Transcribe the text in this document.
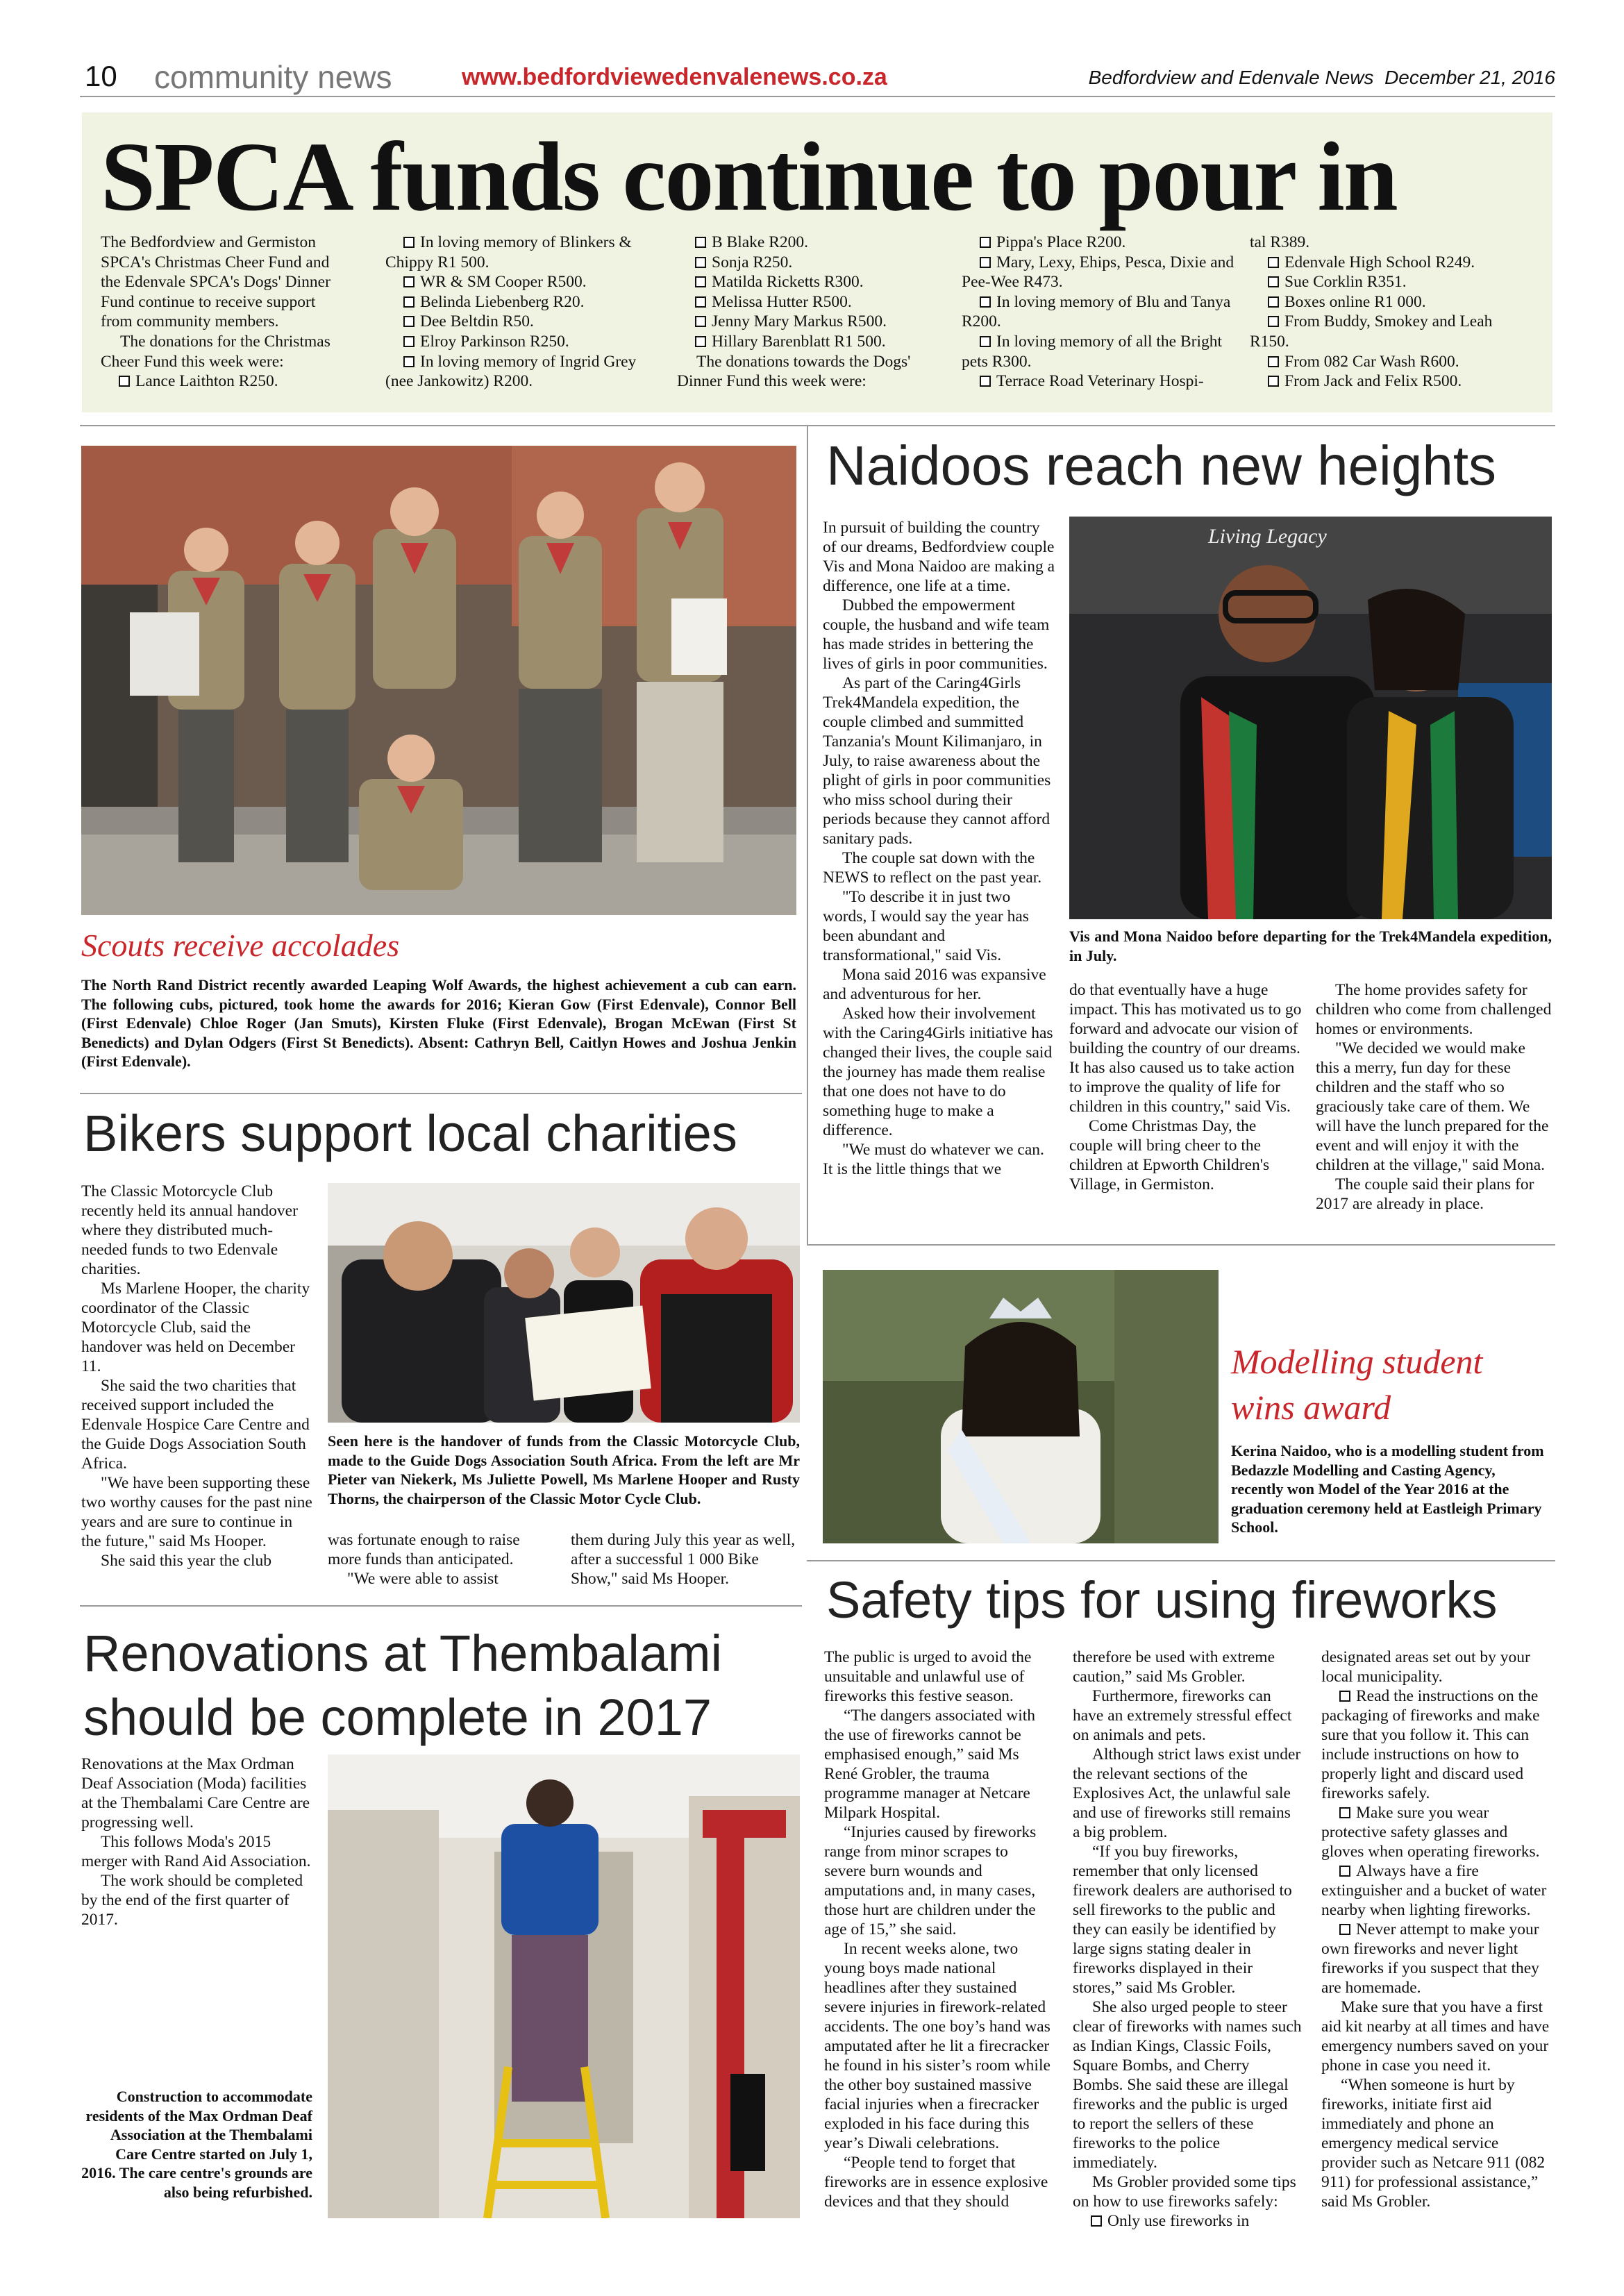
10 community news	www.bedfordviewedenvalenews.co.za	Bedfordview and Edenvale News December 21, 2016
SPCA funds continue to pour in

The Bedfordview and Germiston SPCA's Christmas Cheer Fund and the Edenvale SPCA's Dogs' Dinner Fund continue to receive support from community members.

The donations for the Christmas Cheer Fund this week were:

Lance Laithton R250.

In loving memory of Blinkers & Chippy R1 500.

WR & SM Cooper R500.

Belinda Liebenberg R20.

Dee Beltdin R50.

Elroy Parkinson R250.

In loving memory of Ingrid Grey (nee Jankowitz) R200.

B Blake R200.

Sonja R250.

Matilda Ricketts R300.

Melissa Hutter R500.

Jenny Mary Markus R500.

Hillary Barenblatt R1 500.

The donations towards the Dogs' Dinner Fund this week were:

Pippa's Place R200.

Mary, Lexy, Ehips, Pesca, Dixie and Pee-Wee R473.

In loving memory of Blu and Tanya R200.

In loving memory of all the Bright pets R300.

Terrace Road Veterinary Hospi-

tal R389.

Edenvale High School R249.

Sue Corklin R351.

Boxes online R1 000.

From Buddy, Smokey and Leah R150.

From 082 Car Wash R600.

From Jack and Felix R500.

Scouts receive accolades
The North Rand District recently awarded Leaping Wolf Awards, the highest achievement a cub can earn. The following cubs, pictured, took home the awards for 2016; Kieran Gow (First Edenvale), Connor Bell (First Edenvale) Chloe Roger (Jan Smuts), Kirsten Fluke (First Edenvale), Brogan McEwan (First St Benedicts) and Dylan Odgers (First St Benedicts). Absent: Cathryn Bell, Caitlyn Howes and Joshua Jenkin (First Edenvale).
Bikers support local charities

The Classic Motorcycle Club recently held its annual handover where they distributed much-needed funds to two Edenvale charities.

Ms Marlene Hooper, the charity coordinator of the Classic Motorcycle Club, said the handover was held on December 11.

She said the two charities that received support included the Edenvale Hospice Care Centre and the Guide Dogs Association South Africa.

"We have been supporting these two worthy causes for the past nine years and are sure to continue in the future," said Ms Hooper.

She said this year the club

Seen here is the handover of funds from the Classic Motorcycle Club, made to the Guide Dogs Association South Africa. From the left are Mr Pieter van Niekerk, Ms Juliette Powell, Ms Marlene Hooper and Rusty Thorns, the chairperson of the Classic Motor Cycle Club.

was fortunate enough to raise more funds than anticipated.

"We were able to assist

them during July this year as well, after a successful 1 000 Bike Show," said Ms Hooper.

Renovations at Thembalami should be complete in 2017

Renovations at the Max Ordman Deaf Association (Moda) facilities at the Thembalami Care Centre are progressing well.

This follows Moda's 2015 merger with Rand Aid Association.

The work should be completed by the end of the first quarter of 2017.

Construction to accommodate residents of the Max Ordman Deaf Association at the Thembalami Care Centre started on July 1, 2016. The care centre's grounds are also being refurbished.
Naidoos reach new heights

In pursuit of building the country of our dreams, Bedfordview couple Vis and Mona Naidoo are making a difference, one life at a time.

Dubbed the empowerment couple, the husband and wife team has made strides in bettering the lives of girls in poor communities.

As part of the Caring4Girls Trek4Mandela expedition, the couple climbed and summitted Tanzania's Mount Kilimanjaro, in July, to raise awareness about the plight of girls in poor communities who miss school during their periods because they cannot afford sanitary pads.

The couple sat down with the NEWS to reflect on the past year.

"To describe it in just two words, I would say the year has been abundant and transformational," said Vis.

Mona said 2016 was expansive and adventurous for her.

Asked how their involvement with the Caring4Girls initiative has changed their lives, the couple said the journey has made them realise that one does not have to do something huge to make a difference.

"We must do whatever we can. It is the little things that we

Living Legacy
Vis and Mona Naidoo before departing for the Trek4Mandela expedition, in July.

do that eventually have a huge impact. This has motivated us to go forward and advocate our vision of building the country of our dreams. It has also caused us to take action to improve the quality of life for children in this country," said Vis.

Come Christmas Day, the couple will bring cheer to the children at Epworth Children's Village, in Germiston.

The home provides safety for children who come from challenged homes or environments.

"We decided we would make this a merry, fun day for these children and the staff who so graciously take care of them. We will have the lunch prepared for the event and will enjoy it with the children at the village," said Mona.

The couple said their plans for 2017 are already in place.

Modelling student wins award
Kerina Naidoo, who is a modelling student from Bedazzle Modelling and Casting Agency, recently won Model of the Year 2016 at the graduation ceremony held at Eastleigh Primary School.
Safety tips for using fireworks

The public is urged to avoid the unsuitable and unlawful use of fireworks this festive season.

“The dangers associated with the use of fireworks cannot be emphasised enough,” said Ms René Grobler, the trauma programme manager at Netcare Milpark Hospital.

“Injuries caused by fireworks range from minor scrapes to severe burn wounds and amputations and, in many cases, those hurt are children under the age of 15,” she said.

In recent weeks alone, two young boys made national headlines after they sustained severe injuries in firework-related accidents. The one boy’s hand was amputated after he lit a firecracker he found in his sister’s room while the other boy sustained massive facial injuries when a firecracker exploded in his face during this year’s Diwali celebrations.

“People tend to forget that fireworks are in essence explosive devices and that they should

therefore be used with extreme caution,” said Ms Grobler.

Furthermore, fireworks can have an extremely stressful effect on animals and pets.

Although strict laws exist under the relevant sections of the Explosives Act, the unlawful sale and use of fireworks still remains a big problem.

“If you buy fireworks, remember that only licensed firework dealers are authorised to sell fireworks to the public and they can easily be identified by large signs stating dealer in fireworks displayed in their stores,” said Ms Grobler.

She also urged people to steer clear of fireworks with names such as Indian Kings, Classic Foils, Square Bombs, and Cherry Bombs. She said these are illegal fireworks and the public is urged to report the sellers of these fireworks to the police immediately.

Ms Grobler provided some tips on how to use fireworks safely:

Only use fireworks in

designated areas set out by your local municipality.

Read the instructions on the packaging of fireworks and make sure that you follow it. This can include instructions on how to properly light and discard used fireworks safely.

Make sure you wear protective safety glasses and gloves when operating fireworks.

Always have a fire extinguisher and a bucket of water nearby when lighting fireworks.

Never attempt to make your own fireworks and never light fireworks if you suspect that they are homemade.

Make sure that you have a first aid kit nearby at all times and have emergency numbers saved on your phone in case you need it.

“When someone is hurt by fireworks, initiate first aid immediately and phone an emergency medical service provider such as Netcare 911 (082 911) for professional assistance,” said Ms Grobler.
